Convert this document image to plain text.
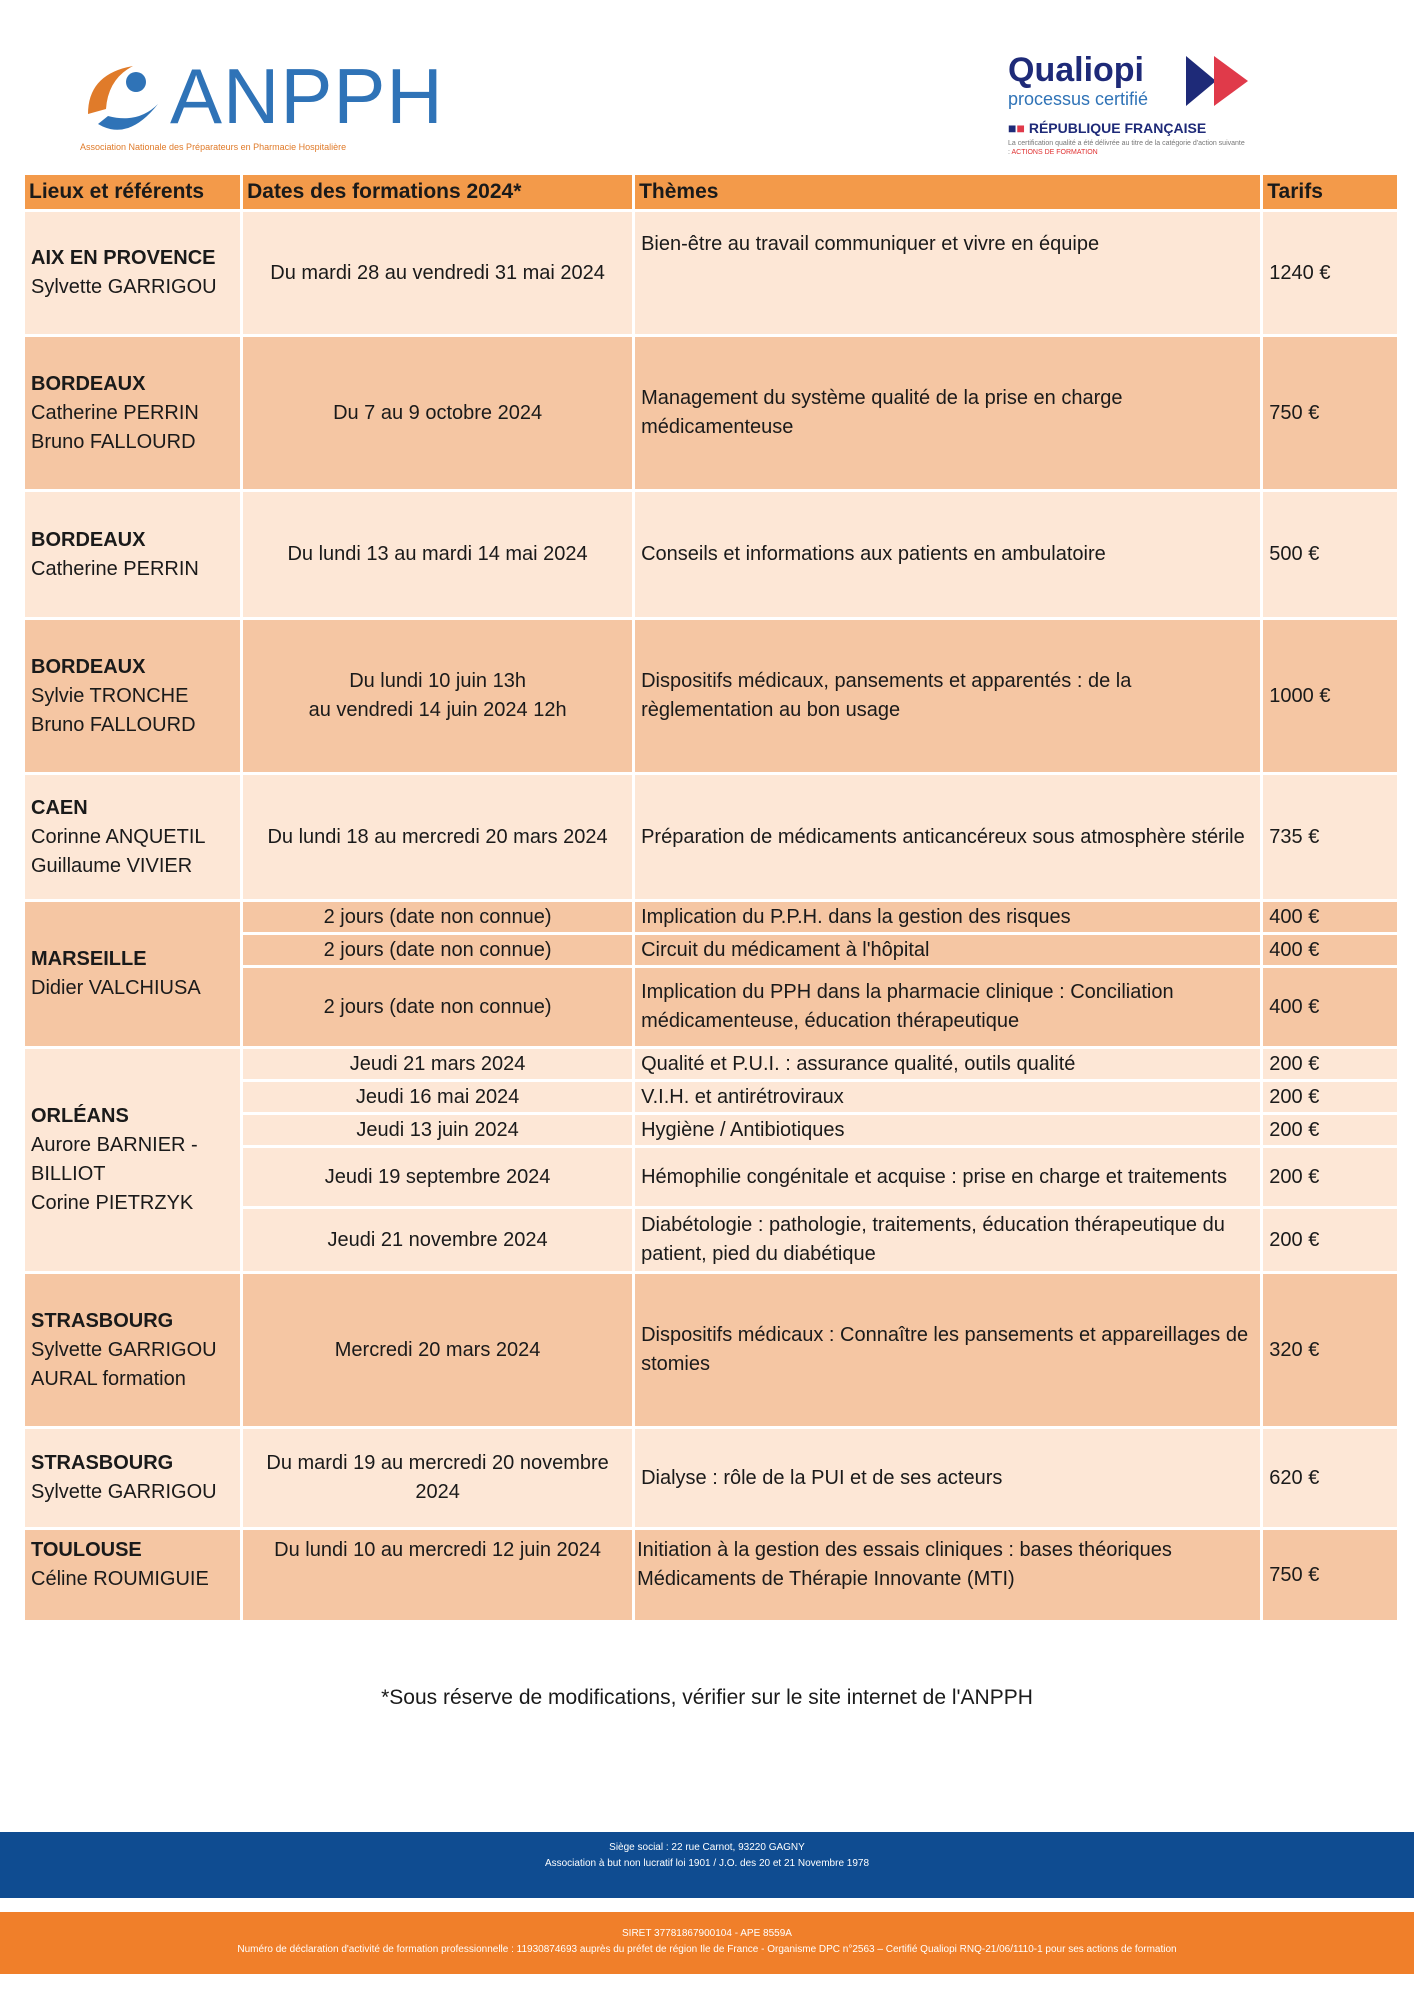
ANPPH
Association Nationale des Préparateurs en Pharmacie Hospitalière
Qualiopi
processus certifié
■■ RÉPUBLIQUE FRANÇAISE
La certification qualité a été délivrée au titre de la catégorie d'action suivante : ACTIONS DE FORMATION
Lieux et référents	Dates des formations 2024*	Thèmes	Tarifs

AIX EN PROVENCE
Sylvette GARRIGOU	Du mardi 28 au vendredi 31 mai 2024	Bien-être au travail communiquer et vivre en équipe	1240 €

BORDEAUX
Catherine PERRIN
Bruno FALLOURD	Du 7 au 9 octobre 2024	Management du système qualité de la prise en charge médicamenteuse	750 €

BORDEAUX
Catherine PERRIN	Du lundi 13 au mardi 14 mai 2024	Conseils et informations aux patients en ambulatoire	500 €

BORDEAUX
Sylvie TRONCHE
Bruno FALLOURD	Du lundi 10 juin 13h
au vendredi 14 juin 2024 12h	Dispositifs médicaux, pansements et apparentés : de la règlementation au bon usage	1000 €

CAEN
Corinne ANQUETIL
Guillaume VIVIER	Du lundi 18 au mercredi 20 mars 2024	Préparation de médicaments anticancéreux sous atmosphère stérile	735 €

MARSEILLE
Didier VALCHIUSA	2 jours (date non connue)	Implication du P.P.H. dans la gestion des risques	400 €
	2 jours (date non connue)	Circuit du médicament à l'hôpital	400 €
	2 jours (date non connue)	Implication du PPH dans la pharmacie clinique : Conciliation médicamenteuse, éducation thérapeutique	400 €

ORLÉANS
Aurore BARNIER - BILLIOT
Corine PIETRZYK	Jeudi 21 mars 2024	Qualité et P.U.I. : assurance qualité, outils qualité	200 €
	Jeudi 16 mai 2024	V.I.H. et antirétroviraux	200 €
	Jeudi 13 juin 2024	Hygiène / Antibiotiques	200 €
	Jeudi 19 septembre 2024	Hémophilie congénitale et acquise : prise en charge et traitements	200 €
	Jeudi 21 novembre 2024	Diabétologie : pathologie, traitements, éducation thérapeutique du patient, pied du diabétique	200 €

STRASBOURG
Sylvette GARRIGOU
AURAL formation	Mercredi 20 mars 2024	Dispositifs médicaux : Connaître les pansements et appareillages de stomies	320 €

STRASBOURG
Sylvette GARRIGOU	Du mardi 19 au mercredi 20 novembre 2024	Dialyse : rôle de la PUI et de ses acteurs	620 €

TOULOUSE
Céline ROUMIGUIE	Du lundi 10 au mercredi 12 juin 2024	Initiation à la gestion des essais cliniques : bases théoriques
Médicaments de Thérapie Innovante (MTI)	750 €
*Sous réserve de modifications, vérifier sur le site internet de l'ANPPH
Siège social : 22 rue Carnot, 93220 GAGNY
Association à but non lucratif loi 1901 / J.O. des 20 et 21 Novembre 1978
SIRET 37781867900104 - APE 8559A
Numéro de déclaration d'activité de formation professionnelle : 11930874693 auprès du préfet de région Ile de France - Organisme DPC n°2563 – Certifié Qualiopi RNQ-21/06/1110-1 pour ses actions de formation
